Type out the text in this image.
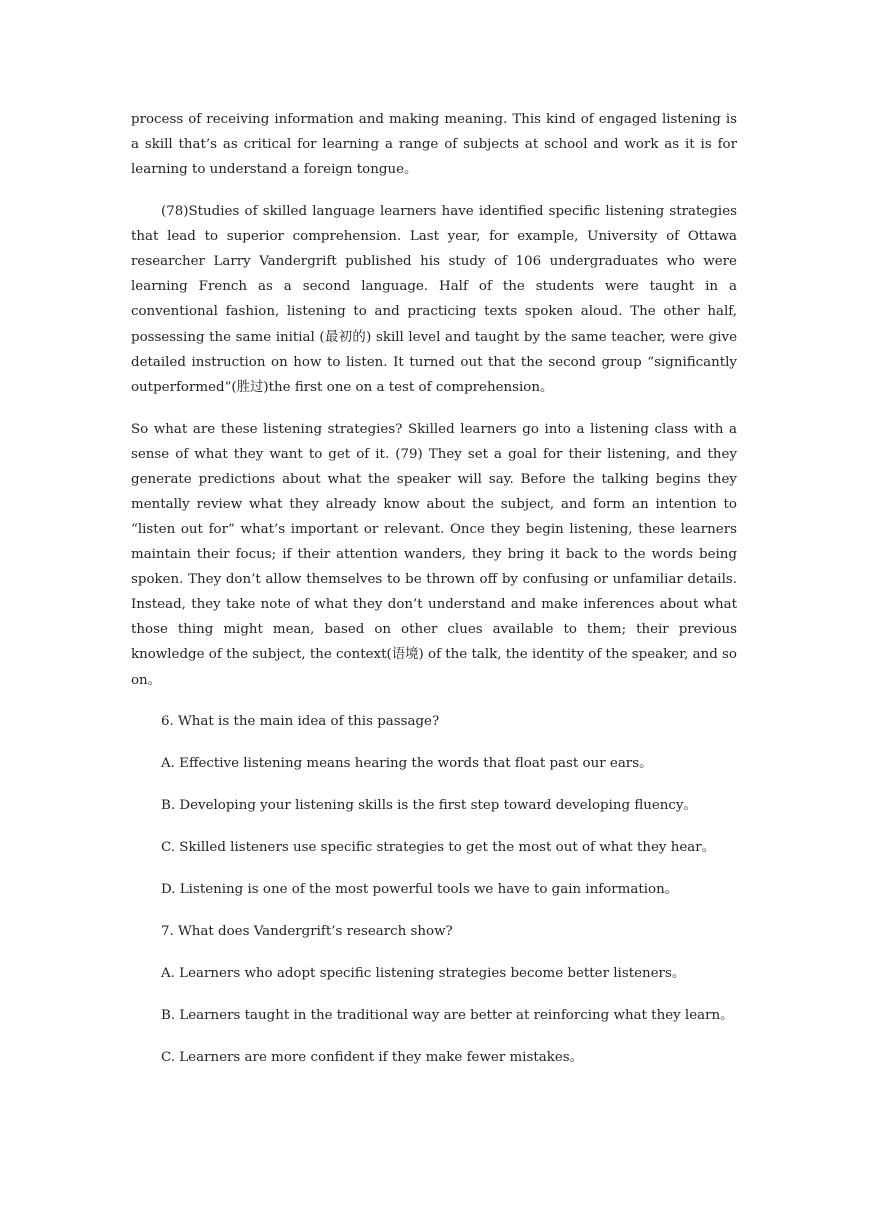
process of receiving information and making meaning. This kind of engaged listening is a skill that’s as critical for learning a range of subjects at school and work as it is for learning to understand a foreign tongue。

(78)Studies of skilled language learners have identified specific listening strategies that lead to superior comprehension. Last year, for example, University of Ottawa researcher Larry Vandergrift published his study of 106 undergraduates who were learning French as a second language. Half of the students were taught in a conventional fashion, listening to and practicing texts spoken aloud. The other half, possessing the same initial (最初的) skill level and taught by the same teacher, were give detailed instruction on how to listen. It turned out that the second group “significantly outperformed”(胜过)the first one on a test of comprehension。

So what are these listening strategies? Skilled learners go into a listening class with a sense of what they want to get of it. (79) They set a goal for their listening, and they generate predictions about what the speaker will say. Before the talking begins they mentally review what they already know about the subject, and form an intention to “listen out for” what’s important or relevant. Once they begin listening, these learners maintain their focus; if their attention wanders, they bring it back to the words being spoken. They don’t allow themselves to be thrown off by confusing or unfamiliar details. Instead, they take note of what they don’t understand and make inferences about what those thing might mean, based on other clues available to them; their previous knowledge of the subject, the context(语境) of the talk, the identity of the speaker, and so on。

6. What is the main idea of this passage?

A. Effective listening means hearing the words that float past our ears。

B. Developing your listening skills is the first step toward developing fluency。

C. Skilled listeners use specific strategies to get the most out of what they hear。

D. Listening is one of the most powerful tools we have to gain information。

7. What does Vandergrift’s research show?

A. Learners who adopt specific listening strategies become better listeners。

B. Learners taught in the traditional way are better at reinforcing what they learn。

C. Learners are more confident if they make fewer mistakes。
